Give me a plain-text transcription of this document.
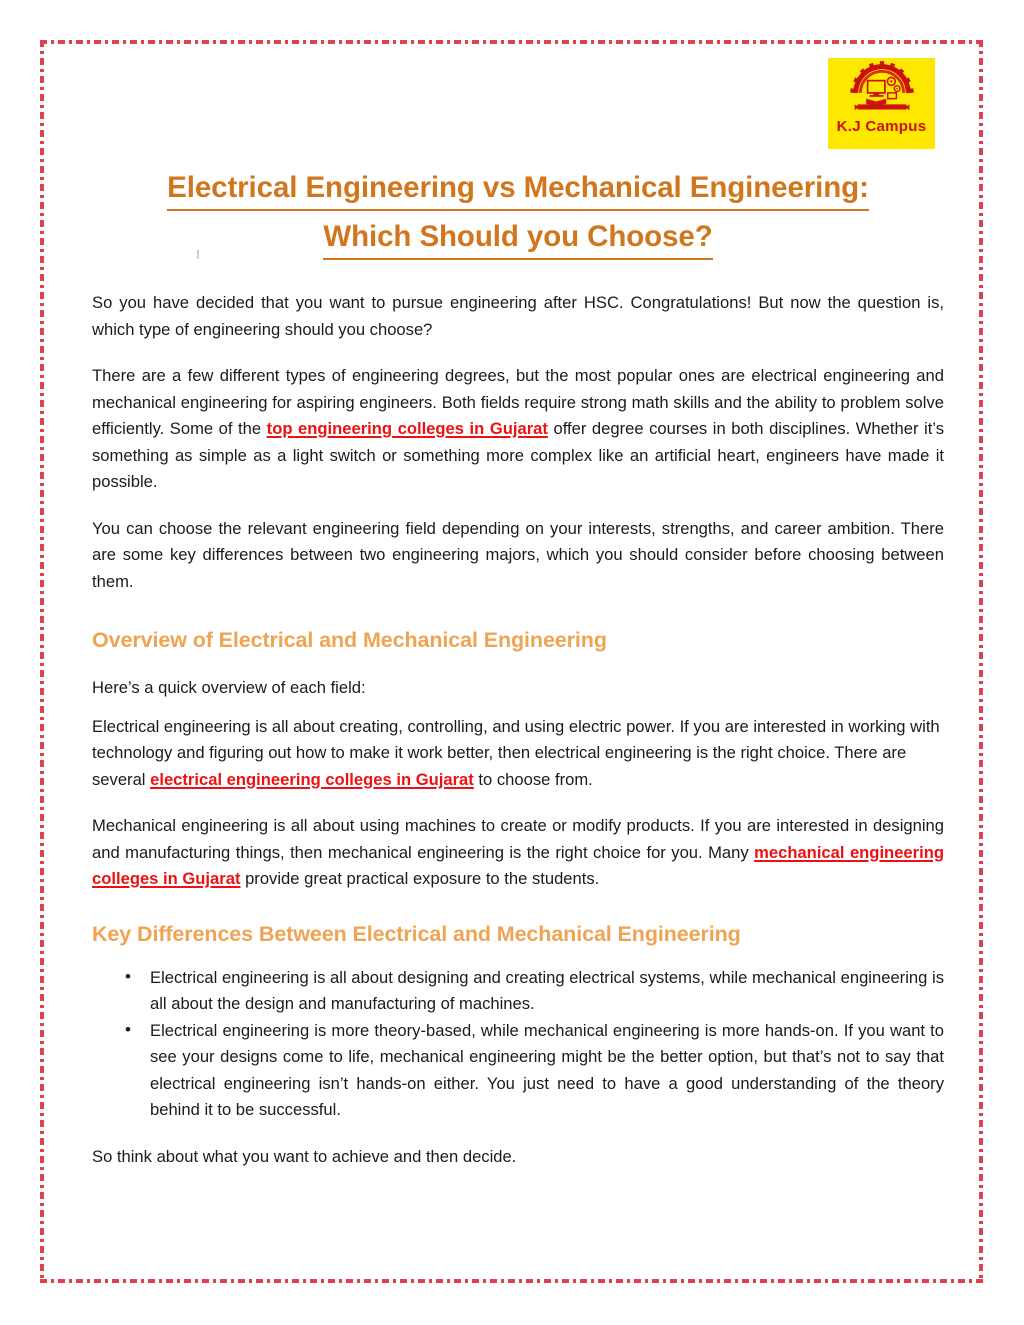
K.J Campus
Electrical Engineering vs Mechanical Engineering:
Which Should you Choose?

So you have decided that you want to pursue engineering after HSC. Congratulations! But now the question is, which type of engineering should you choose?

There are a few different types of engineering degrees, but the most popular ones are electrical engineering and mechanical engineering for aspiring engineers. Both fields require strong math skills and the ability to problem solve efficiently. Some of the top engineering colleges in Gujarat offer degree courses in both disciplines. Whether it’s something as simple as a light switch or something more complex like an artificial heart, engineers have made it possible.

You can choose the relevant engineering field depending on your interests, strengths, and career ambition. There are some key differences between two engineering majors, which you should consider before choosing between them.

Overview of Electrical and Mechanical Engineering

Here’s a quick overview of each field:

Electrical engineering is all about creating, controlling, and using electric power. If you are interested in working with technology and figuring out how to make it work better, then electrical engineering is the right choice. There are several electrical engineering colleges in Gujarat to choose from.

Mechanical engineering is all about using machines to create or modify products. If you are interested in designing and manufacturing things, then mechanical engineering is the right choice for you. Many mechanical engineering colleges in Gujarat provide great practical exposure to the students.

Key Differences Between Electrical and Mechanical Engineering
• Electrical engineering is all about designing and creating electrical systems, while mechanical engineering is all about the design and manufacturing of machines.
• Electrical engineering is more theory-based, while mechanical engineering is more hands-on. If you want to see your designs come to life, mechanical engineering might be the better option, but that’s not to say that electrical engineering isn’t hands-on either. You just need to have a good understanding of the theory behind it to be successful.

So think about what you want to achieve and then decide.
